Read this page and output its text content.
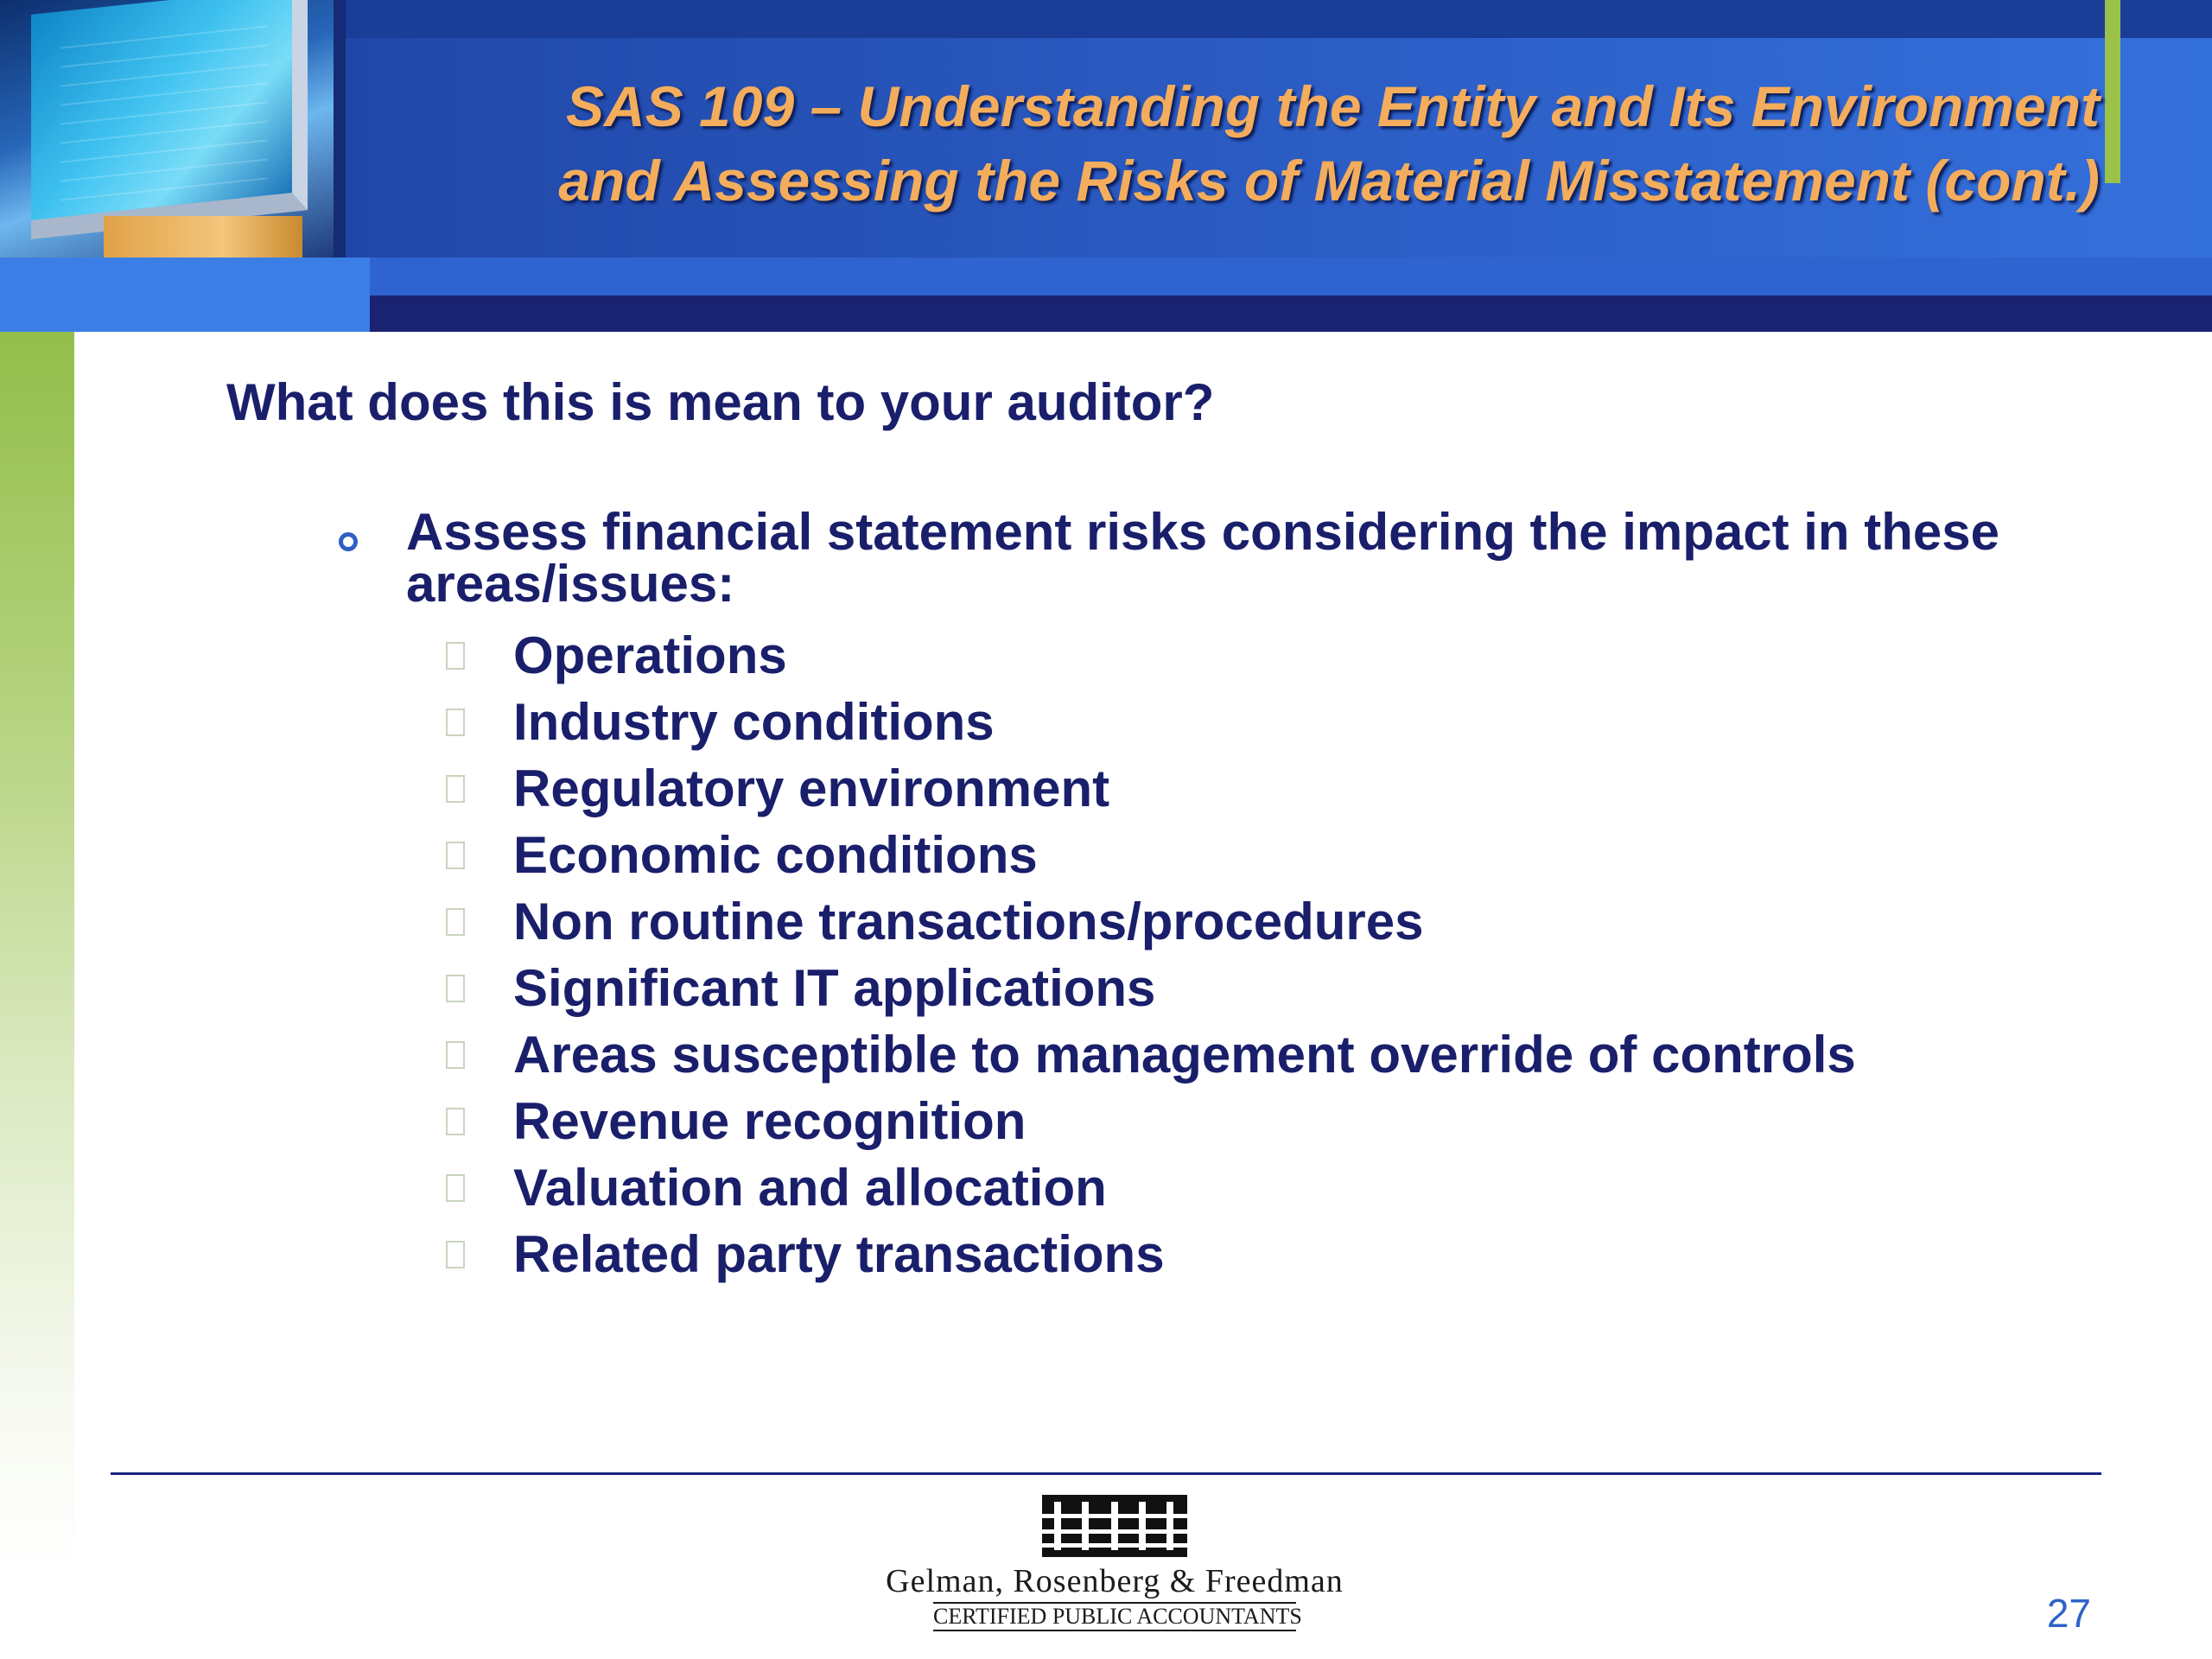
SAS 109 – Understanding the Entity and Its Environment
and Assessing the Risks of Material Misstatement (cont.)
What does this is mean to your auditor?
Assess financial statement risks considering the impact in these areas/issues:
Operations
Industry conditions
Regulatory environment
Economic conditions
Non routine transactions/procedures
Significant IT applications
Areas susceptible to management override of controls
Revenue recognition
Valuation and allocation
Related party transactions
Gelman, Rosenberg & Freedman
CERTIFIED PUBLIC ACCOUNTANTS	27
